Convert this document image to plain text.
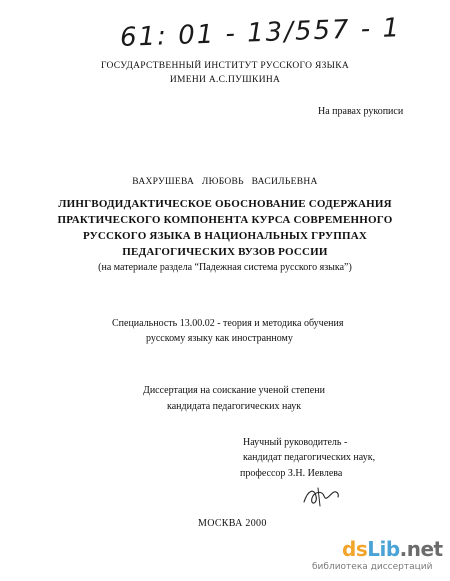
61: 01 - 13/557 - 1
ГОСУДАРСТВЕННЫЙ ИНСТИТУТ РУССКОГО ЯЗЫКА
ИМЕНИ А.С.ПУШКИНА
На правах рукописи
ВАХРУШЕВА ЛЮБОВЬ ВАСИЛЬЕВНА
ЛИНГВОДИДАКТИЧЕСКОЕ ОБОСНОВАНИЕ СОДЕРЖАНИЯ
ПРАКТИЧЕСКОГО КОМПОНЕНТА КУРСА СОВРЕМЕННОГО
РУССКОГО ЯЗЫКА В НАЦИОНАЛЬНЫХ ГРУППАХ
ПЕДАГОГИЧЕСКИХ ВУЗОВ РОССИИ
(на материале раздела “Падежная система русского языка”)
Специальность 13.00.02 - теория и методика обучения
русскому языку как иностранному
Диссертация на соискание ученой степени
кандидата педагогических наук
Научный руководитель -
кандидат педагогических наук,
профессор З.Н. Иевлева
МОСКВА 2000
dsLib.net
библиотека диссертаций
